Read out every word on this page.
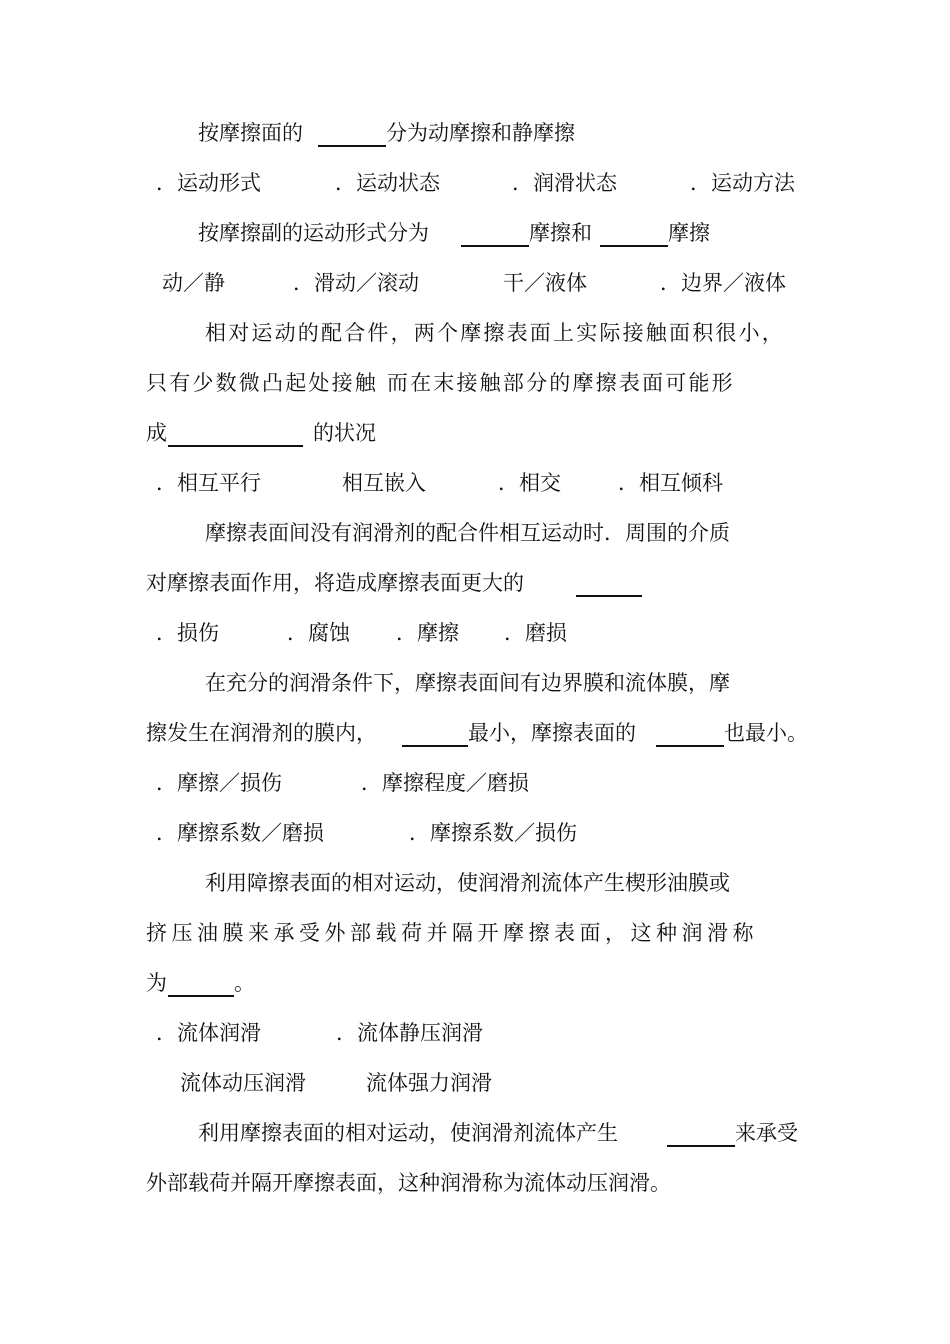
按摩擦面的	分为动摩擦和静摩擦
．运动形式	．运动状态	．润滑状态	．运动方法
按摩擦副的运动形式分为	摩擦和	摩擦
动／静	．滑动／滚动	干／液体	．边界／液体
相对运动的配合件，两个摩擦表面上实际接触面积很小，
只有少数微凸起处接触 而在末接触部分的摩擦表面可能形
成	的状况
．相互平行	相互嵌入	．相交	．相互倾科
摩擦表面间没有润滑剂的配合件相互运动时．周围的介质
对摩擦表面作用，将造成摩擦表面更大的
．损伤	．腐蚀 ．摩擦 ．磨损
在充分的润滑条件下，摩擦表面间有边界膜和流体膜，摩
擦发生在润滑剂的膜内，	最小，摩擦表面的	也最小。
．摩擦／损伤	．摩擦程度／磨损
．摩擦系数／磨损	．摩擦系数／损伤
利用障擦表面的相对运动，使润滑剂流体产生楔形油膜或
挤压油膜来承受外部载荷并隔开摩擦表面，这种润滑称
为	。
．流体润滑	．流体静压润滑
流体动压润滑	流体强力润滑
利用摩擦表面的相对运动，使润滑剂流体产生	来承受
外部载荷并隔开摩擦表面，这种润滑称为流体动压润滑。
